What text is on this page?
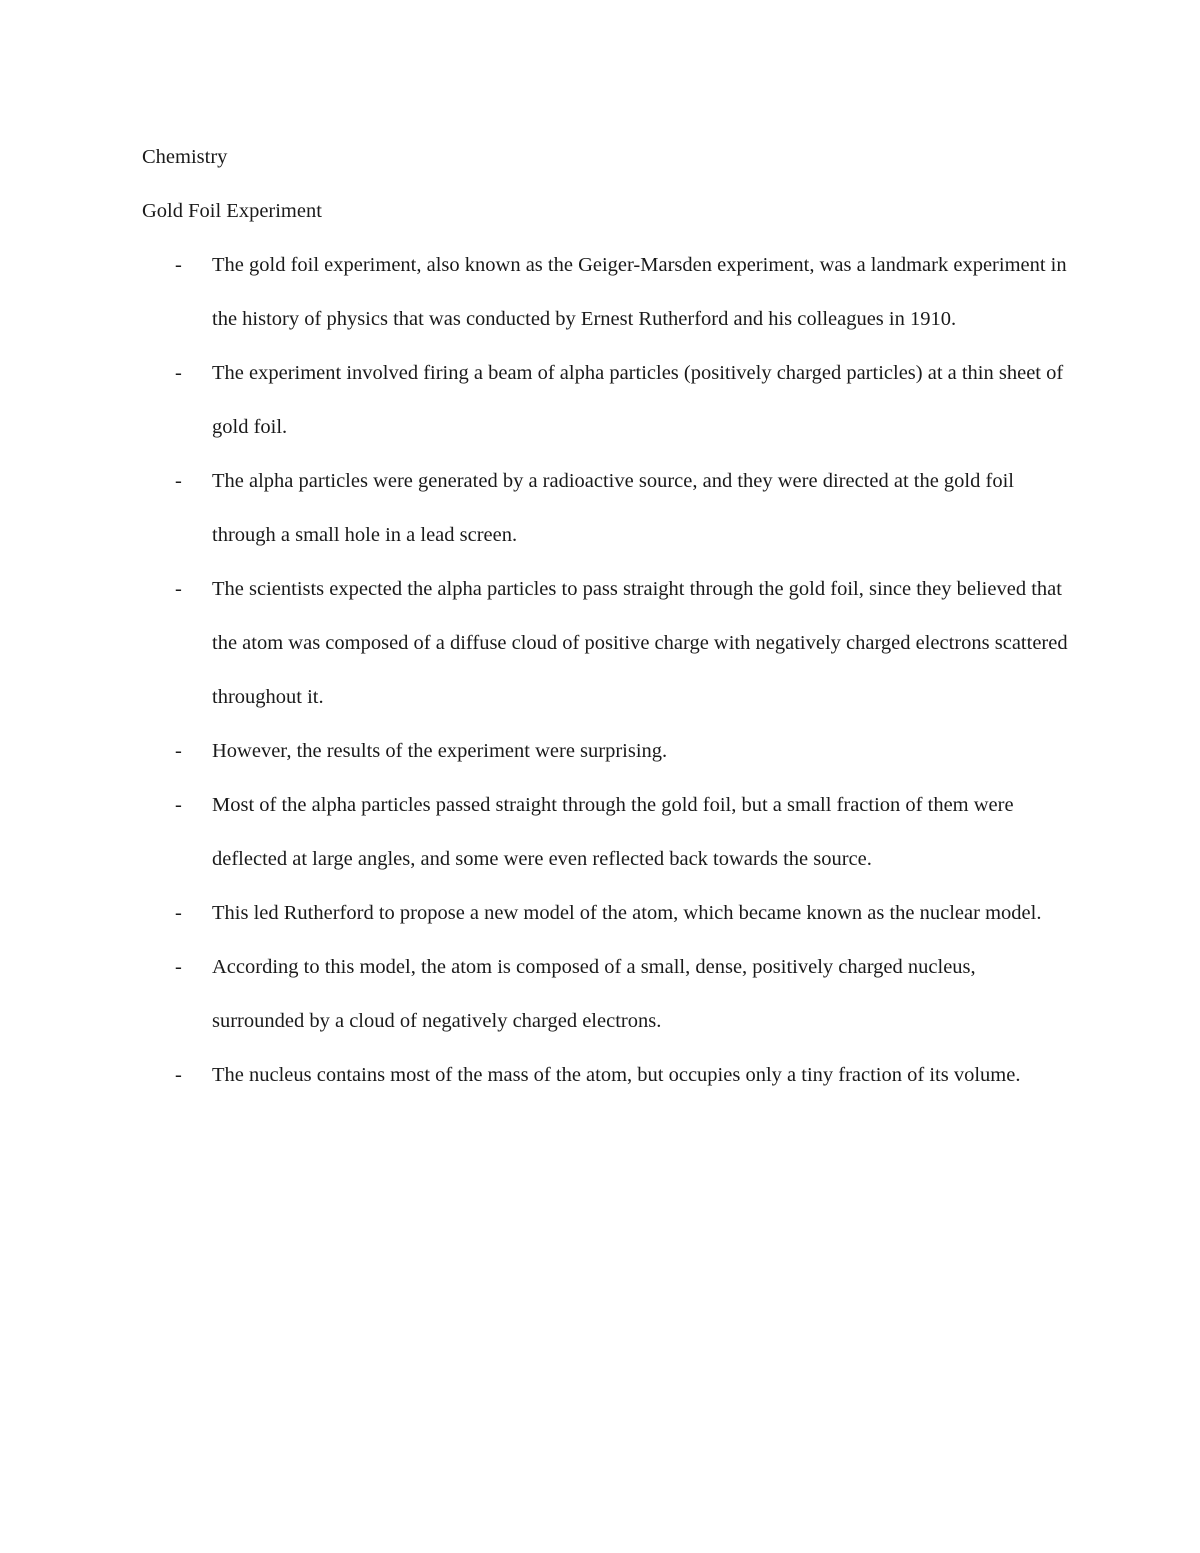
Chemistry

Gold Foil Experiment

- The gold foil experiment, also known as the Geiger-Marsden experiment, was a landmark experiment in the history of physics that was conducted by Ernest Rutherford and his colleagues in 1910.
- The experiment involved firing a beam of alpha particles (positively charged particles) at a thin sheet of gold foil.
- The alpha particles were generated by a radioactive source, and they were directed at the gold foil through a small hole in a lead screen.
- The scientists expected the alpha particles to pass straight through the gold foil, since they believed that the atom was composed of a diffuse cloud of positive charge with negatively charged electrons scattered throughout it.
- However, the results of the experiment were surprising.
- Most of the alpha particles passed straight through the gold foil, but a small fraction of them were deflected at large angles, and some were even reflected back towards the source.
- This led Rutherford to propose a new model of the atom, which became known as the nuclear model.
- According to this model, the atom is composed of a small, dense, positively charged nucleus, surrounded by a cloud of negatively charged electrons.
- The nucleus contains most of the mass of the atom, but occupies only a tiny fraction of its volume.
